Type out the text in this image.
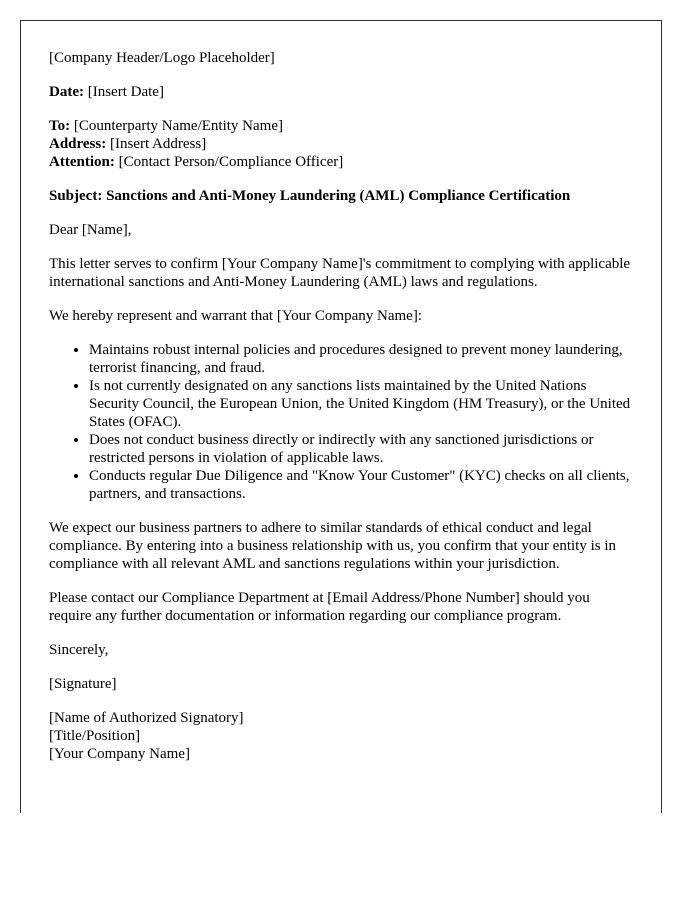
[Company Header/Logo Placeholder]

Date: [Insert Date]

To: [Counterparty Name/Entity Name]
Address: [Insert Address]
Attention: [Contact Person/Compliance Officer]

Subject: Sanctions and Anti-Money Laundering (AML) Compliance Certification

Dear [Name],

This letter serves to confirm [Your Company Name]'s commitment to complying with applicable international sanctions and Anti-Money Laundering (AML) laws and regulations.

We hereby represent and warrant that [Your Company Name]:

• Maintains robust internal policies and procedures designed to prevent money laundering, terrorist financing, and fraud.
• Is not currently designated on any sanctions lists maintained by the United Nations Security Council, the European Union, the United Kingdom (HM Treasury), or the United States (OFAC).
• Does not conduct business directly or indirectly with any sanctioned jurisdictions or restricted persons in violation of applicable laws.
• Conducts regular Due Diligence and "Know Your Customer" (KYC) checks on all clients, partners, and transactions.

We expect our business partners to adhere to similar standards of ethical conduct and legal compliance. By entering into a business relationship with us, you confirm that your entity is in compliance with all relevant AML and sanctions regulations within your jurisdiction.

Please contact our Compliance Department at [Email Address/Phone Number] should you require any further documentation or information regarding our compliance program.

Sincerely,

[Signature]

[Name of Authorized Signatory]
[Title/Position]
[Your Company Name]
